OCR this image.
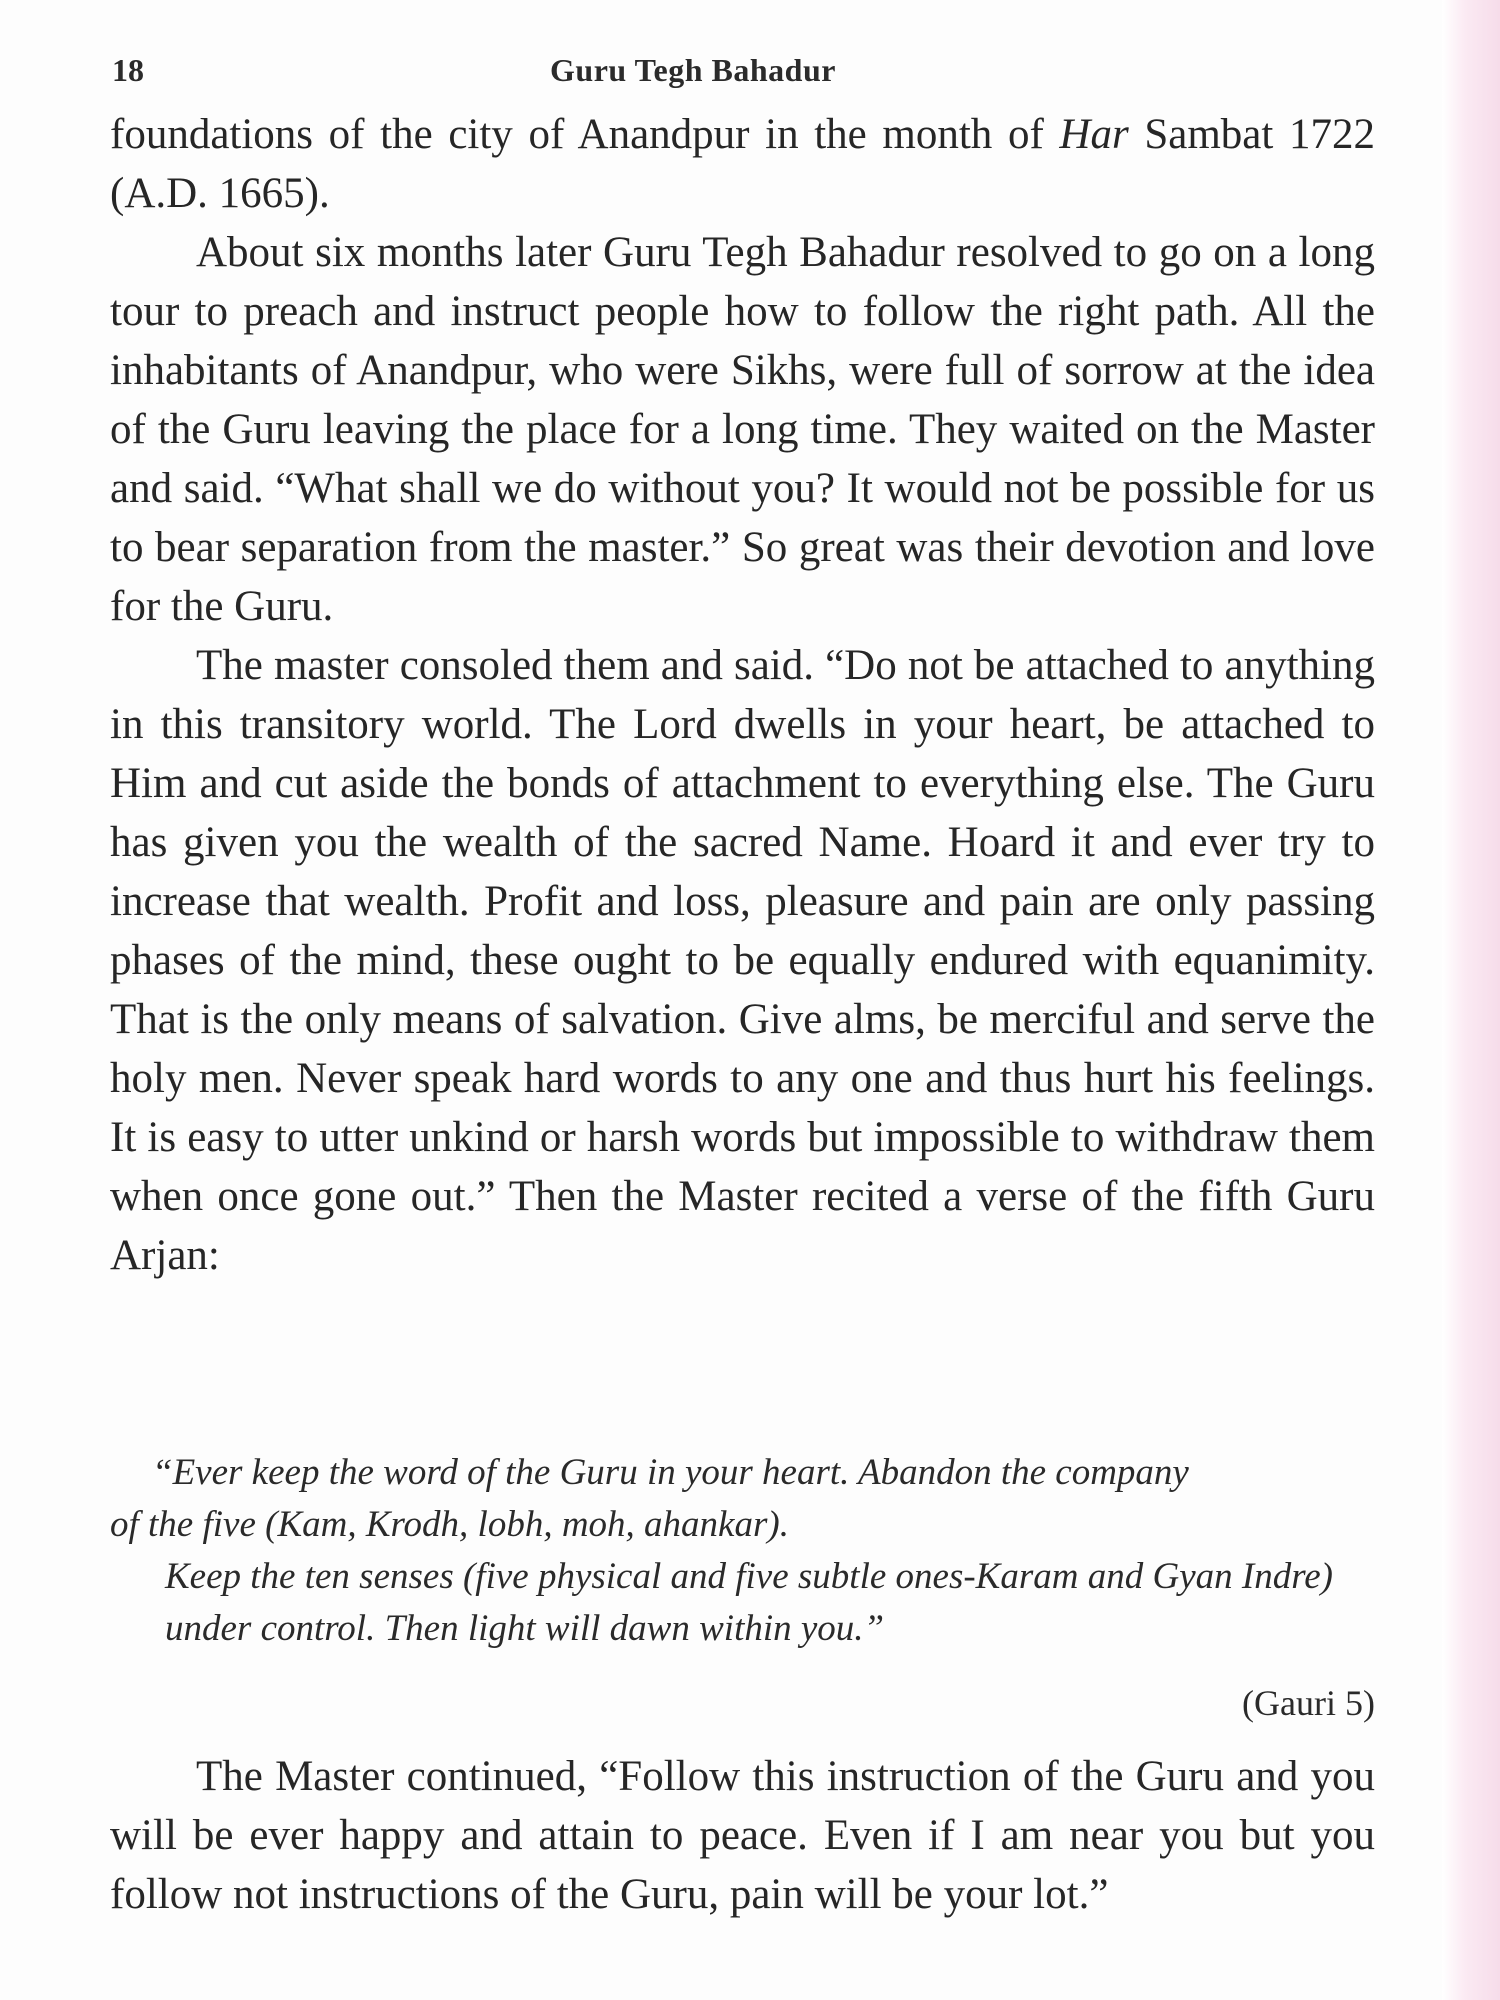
18	Guru Tegh Bahadur

foundations of the city of Anandpur in the month of Har Sambat 1722 (A.D. 1665).

About six months later Guru Tegh Bahadur resolved to go on a long tour to preach and instruct people how to follow the right path. All the inhabitants of Anandpur, who were Sikhs, were full of sorrow at the idea of the Guru leaving the place for a long time. They waited on the Master and said. “What shall we do without you? It would not be possible for us to bear separation from the master.” So great was their devotion and love for the Guru.

The master consoled them and said. “Do not be attached to anything in this transitory world. The Lord dwells in your heart, be attached to Him and cut aside the bonds of attachment to everything else. The Guru has given you the wealth of the sacred Name. Hoard it and ever try to increase that wealth. Profit and loss, pleasure and pain are only passing phases of the mind, these ought to be equally endured with equanimity. That is the only means of salvation. Give alms, be merciful and serve the holy men. Never speak hard words to any one and thus hurt his feelings. It is easy to utter unkind or harsh words but impossible to withdraw them when once gone out.” Then the Master recited a verse of the fifth Guru Arjan:

“Ever keep the word of the Guru in your heart. Abandon the company

of the five (Kam, Krodh, lobh, moh, ahankar).

Keep the ten senses (five physical and five subtle ones-Karam and Gyan Indre) under control. Then light will dawn within you.”

(Gauri 5)

The Master continued, “Follow this instruction of the Guru and you will be ever happy and attain to peace. Even if I am near you but you follow not instructions of the Guru, pain will be your lot.”
